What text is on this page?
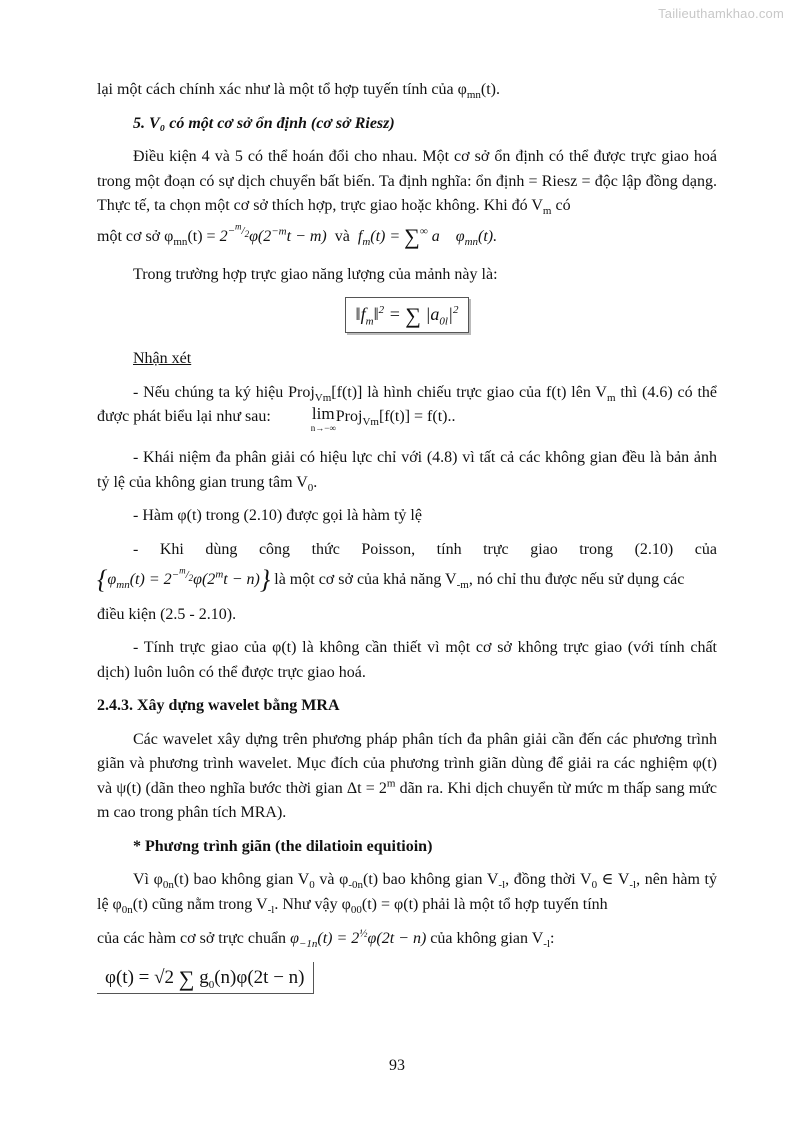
Tailieuthamkhao.com

lại một cách chính xác như là một tổ hợp tuyến tính của $\varphi_{mn}(t)$.

5. V₀ có một cơ sở ổn định (cơ sở Riesz)

Điều kiện 4 và 5 có thể hoán đổi cho nhau. Một cơ sở ổn định có thể được trực giao hoá trong một đoạn có sự dịch chuyển bất biến. Ta định nghĩa: ổn định = Riesz = độc lập đồng dạng. Thực tế, ta chọn một cơ sở thích hợp, trực giao hoặc không. Khi đó $V_m$ có

một cơ sở $\varphi_{mn}(t) = 2^{-^m/_2}\varphi(2^{-m}t - m)$ và $f_m(t) = \sum^\infty$ a    $\varphi_{mn}(t)$.

Trong trường hợp trực giao năng lượng của mảnh này là:

$‖f_m‖^2$ = ∑ $|a_{0l}|^2$

Nhận xét

- Nếu chúng ta ký hiệu Proj$_{Vm}$[f(t)] là hình chiếu trực giao của f(t) lên $V_m$ thì (4.6) có thể được phát biểu lại như sau:	lim
n→−∞
Proj$_{Vm}$[f(t)] = f(t)..

- Khái niệm đa phân giải có hiệu lực chỉ với (4.8) vì tất cả các không gian đều là bản ảnh tỷ lệ của không gian trung tâm $V_0$.

- Hàm φ(t) trong (2.10) được gọi là hàm tỷ lệ

- Khi dùng công thức Poisson, tính trực giao trong (2.10) của

$\{\varphi_{mn}(t) = 2^{-^m/_2}\varphi(2^mt - n)\}$ là một cơ sở của khả năng $V_{-m}$, nó chỉ thu được nếu sử dụng các

điều kiện (2.5 - 2.10).

- Tính trực giao của φ(t) là không cần thiết vì một cơ sở không trực giao (với tính chất dịch) luôn luôn có thể được trực giao hoá.

2.4.3. Xây dựng wavelet bằng MRA

Các wavelet xây dựng trên phương pháp phân tích đa phân giải cần đến các phương trình giãn và phương trình wavelet. Mục đích của phương trình giãn dùng để giải ra các nghiệm φ(t) và ψ(t) (dãn theo nghĩa bước thời gian $\Delta t = 2^m$ dãn ra. Khi dịch chuyển từ mức m thấp sang mức m cao trong phân tích MRA).

* Phương trình giãn (the dilatioin equitioin)

Vì $\varphi_{0n}(t)$ bao không gian $V_0$ và $\varphi_{-0n}(t)$ bao không gian $V_{-l}$, đồng thời $V_0$ ∈ $V_{-l}$, nên hàm tỷ lệ $\varphi_{0n}(t)$ cũng nằm trong $V_{-l}$. Như vậy $\varphi_{00}(t) = \varphi(t)$ phải là một tổ hợp tuyến tính

của các hàm cơ sở trực chuẩn $\varphi_{-1n}(t) = 2^{\frac{1}{2}}\varphi(2t - n)$ của không gian $V_{-l}$:

φ(t) = √2 ∑ $g_0(n)\varphi(2t - n)$
93
